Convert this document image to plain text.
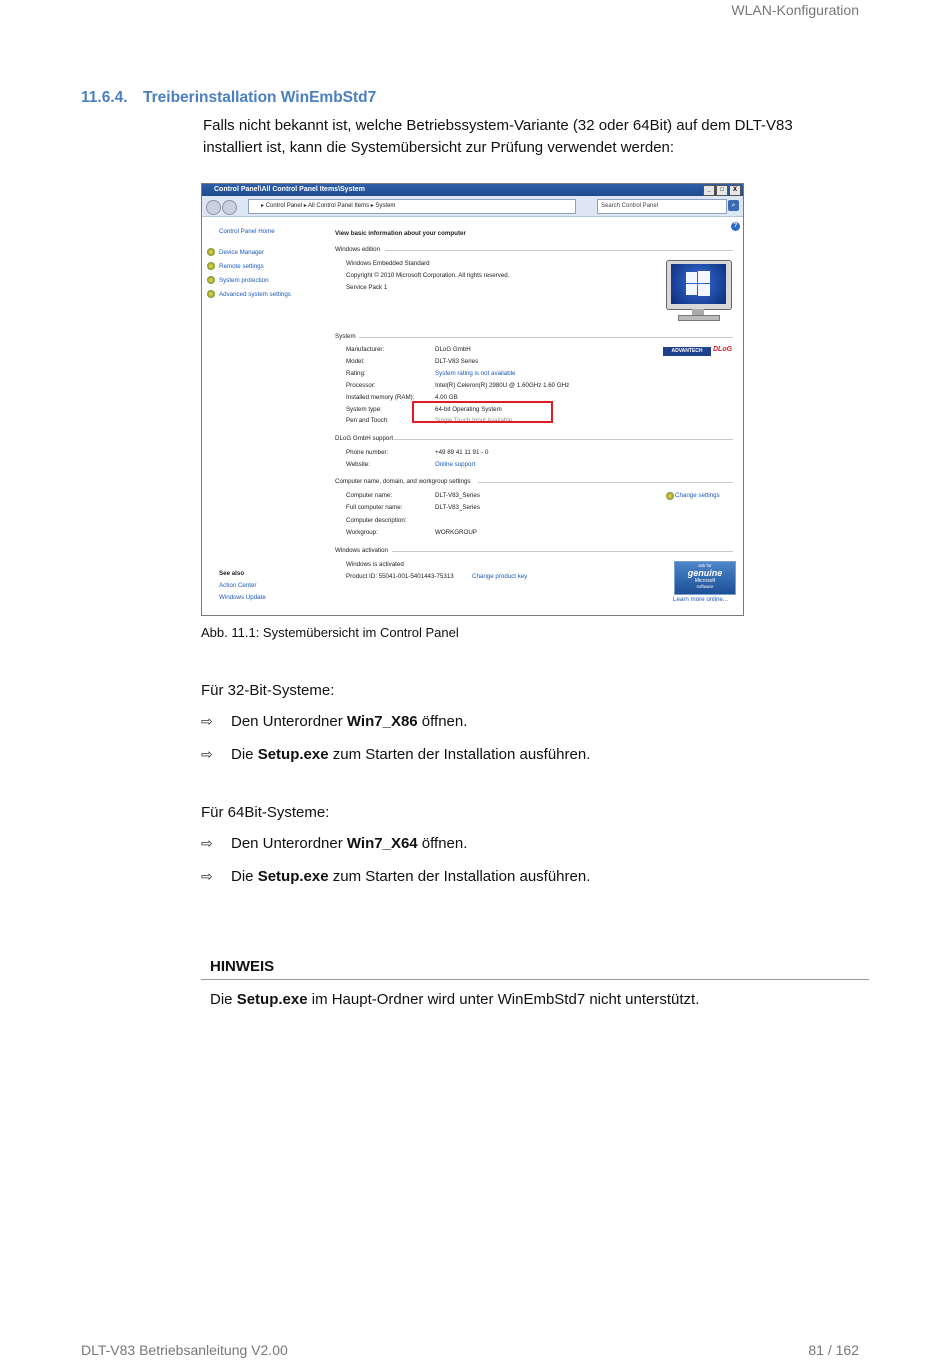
WLAN-Konfiguration
11.6.4. Treiberinstallation WinEmbStd7
Falls nicht bekannt ist, welche Betriebssystem-Variante (32 oder 64Bit) auf dem DLT-V83
installiert ist, kann die Systemübersicht zur Prüfung verwendet werden:
Control Panel\All Control Panel Items\System	_	□	X
▸ Control Panel ▸ All Control Panel Items ▸ System	Search Control Panel	⌕
?
Control Panel Home
Device Manager
Remote settings
System protection
Advanced system settings
See also
Action Center
Windows Update
View basic information about your computer
Windows edition
Windows Embedded Standard
Copyright © 2010 Microsoft Corporation. All rights reserved.
Service Pack 1
System
ADVANTECH	DLoG
Manufacturer:	DLoG GmbH
Model:	DLT-V83 Series
Rating:	System rating is not available
Processor:	Intel(R) Celeron(R) 2980U @ 1.60GHz 1.60 GHz
Installed memory (RAM):	4.00 GB
System type:	64-bit Operating System
Pen and Touch:	Single Touch Input Available
DLoG GmbH support
Phone number:	+49 89 41 11 91 - 0
Website:	Online support
Computer name, domain, and workgroup settings
Change settings
Computer name:	DLT-V83_Series
Full computer name:	DLT-V83_Series
Computer description:
Workgroup:	WORKGROUP
Windows activation
Windows is activated
Product ID: 55041-001-5401443-75313	Change product key
ask for
genuine
Microsoft
software
Learn more online...
Abb. 11.1: Systemübersicht im Control Panel
Für 32-Bit-Systeme:
⇨	Den Unterordner Win7_X86 öffnen.
⇨	Die Setup.exe zum Starten der Installation ausführen.
Für 64Bit-Systeme:
⇨	Den Unterordner Win7_X64 öffnen.
⇨	Die Setup.exe zum Starten der Installation ausführen.
HINWEIS
Die Setup.exe im Haupt-Ordner wird unter WinEmbStd7 nicht unterstützt.
DLT-V83 Betriebsanleitung V2.00	81 / 162
